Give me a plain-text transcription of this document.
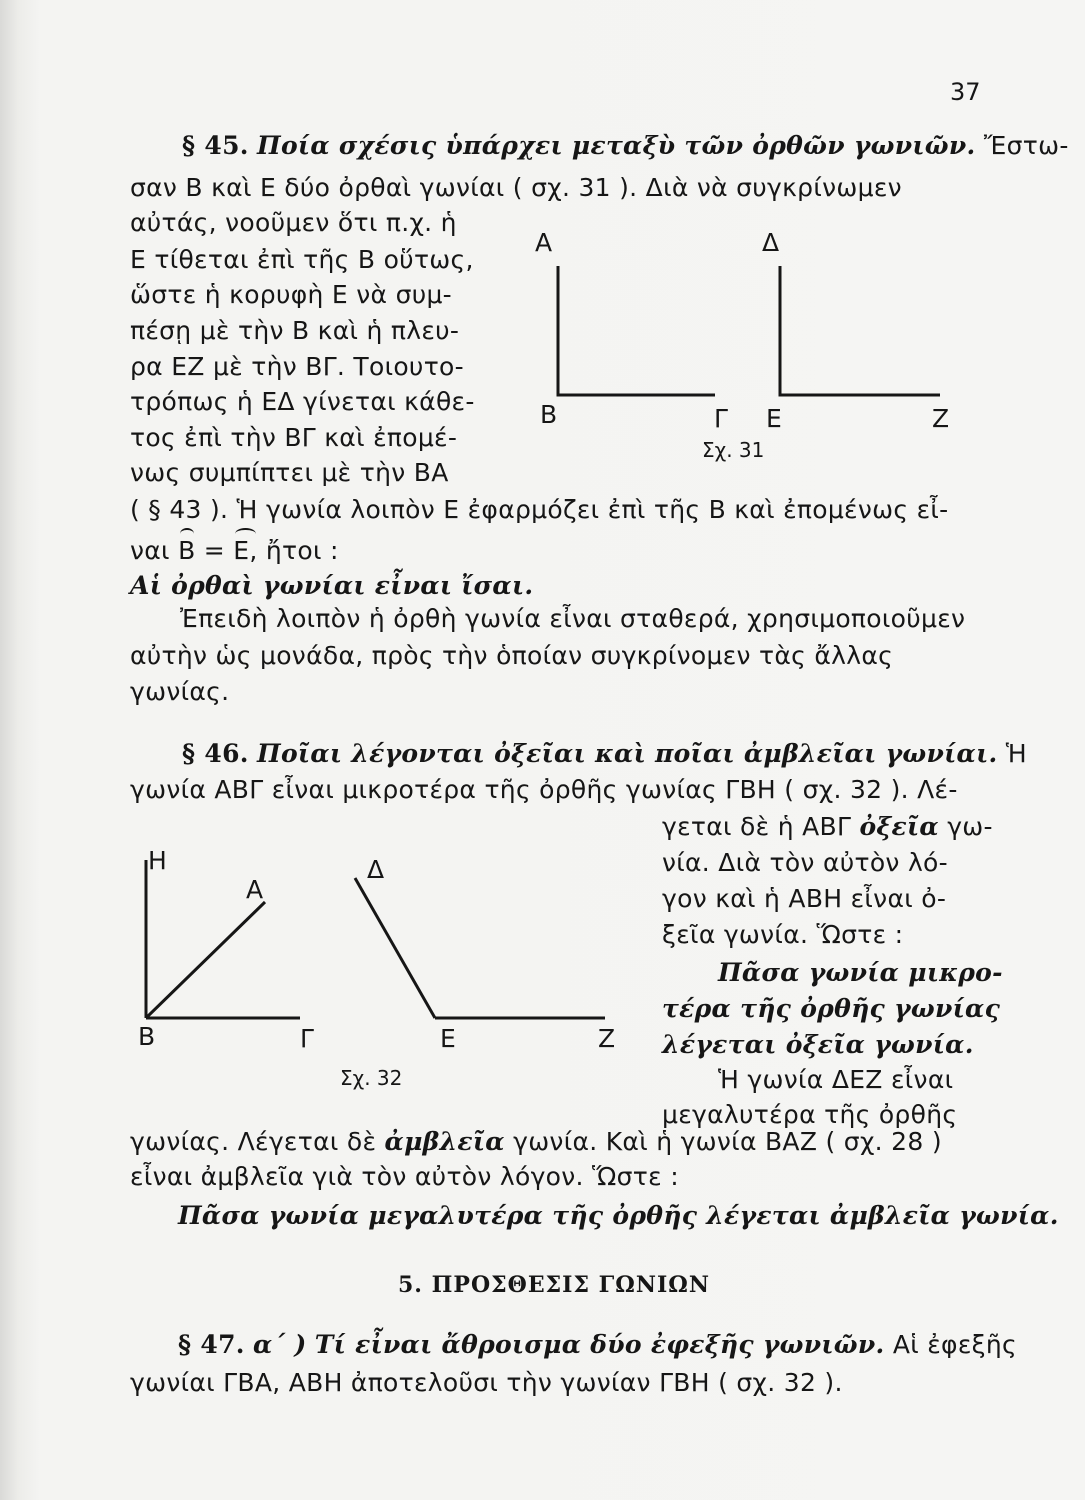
37
§ 45. Ποία σχέσις ὑπάρχει μεταξὺ τῶν ὀρθῶν γωνιῶν. Ἔστω-
σαν Β καὶ Ε δύο ὀρθαὶ γωνίαι ( σχ. 31 ). Διὰ νὰ συγκρίνωμεν
αὐτάς, νοοῦμεν ὅτι π.χ. ἡ
Ε τίθεται ἐπὶ τῆς Β οὕτως,
ὥστε ἡ κορυφὴ Ε νὰ συμ-
πέσῃ μὲ τὴν Β καὶ ἡ πλευ-
ρα ΕΖ μὲ τὴν ΒΓ. Τοιουτο-
τρόπως ἡ ΕΔ γίνεται κάθε-
τος ἐπὶ τὴν ΒΓ καὶ ἐπομέ-
νως συμπίπτει μὲ τὴν ΒΑ
( § 43 ). Ἡ γωνία λοιπὸν Ε ἐφαρμόζει ἐπὶ τῆς Β καὶ ἐπομένως εἶ-
ναι Β = Ε, ἤτοι :
Αἱ ὀρθαὶ γωνίαι εἶναι ἴσαι.
Ἐπειδὴ λοιπὸν ἡ ὀρθὴ γωνία εἶναι σταθερά, χρησιμοποιοῦμεν
αὐτὴν ὡς μονάδα, πρὸς τὴν ὁποίαν συγκρίνομεν τὰς ἄλλας
γωνίας.
Α	Δ
Β	Γ Ε	Ζ
Σχ. 31
§ 46. Ποῖαι λέγονται ὀξεῖαι καὶ ποῖαι ἀμβλεῖαι γωνίαι. Ἡ
γωνία ΑΒΓ εἶναι μικροτέρα τῆς ὀρθῆς γωνίας ΓΒΗ ( σχ. 32 ). Λέ-
γεται δὲ ἡ ΑΒΓ ὀξεῖα γω-
νία. Διὰ τὸν αὐτὸν λό-
γον καὶ ἡ ΑΒΗ εἶναι ὀ-
ξεῖα γωνία. Ὥστε :
Πᾶσα γωνία μικρο-
τέρα τῆς ὀρθῆς γωνίας
λέγεται ὀξεῖα γωνία.
Ἡ γωνία ΔΕΖ εἶναι
μεγαλυτέρα τῆς ὀρθῆς
γωνίας. Λέγεται δὲ ἀμβλεῖα γωνία. Καὶ ἡ γωνία ΒΑΖ ( σχ. 28 )
εἶναι ἀμβλεῖα γιὰ τὸν αὐτὸν λόγον. Ὥστε :
Πᾶσα γωνία μεγαλυτέρα τῆς ὀρθῆς λέγεται ἀμβλεῖα γωνία.
Η
Α
Β	Γ
Δ
Ε	Ζ
Σχ. 32
5. ΠΡΟΣΘΕΣΙΣ ΓΩΝΙΩΝ
§ 47. α΄ ) Τί εἶναι ἄθροισμα δύο ἐφεξῆς γωνιῶν. Αἱ ἐφεξῆς
γωνίαι ΓΒΑ, ΑΒΗ ἀποτελοῦσι τὴν γωνίαν ΓΒΗ ( σχ. 32 ).
